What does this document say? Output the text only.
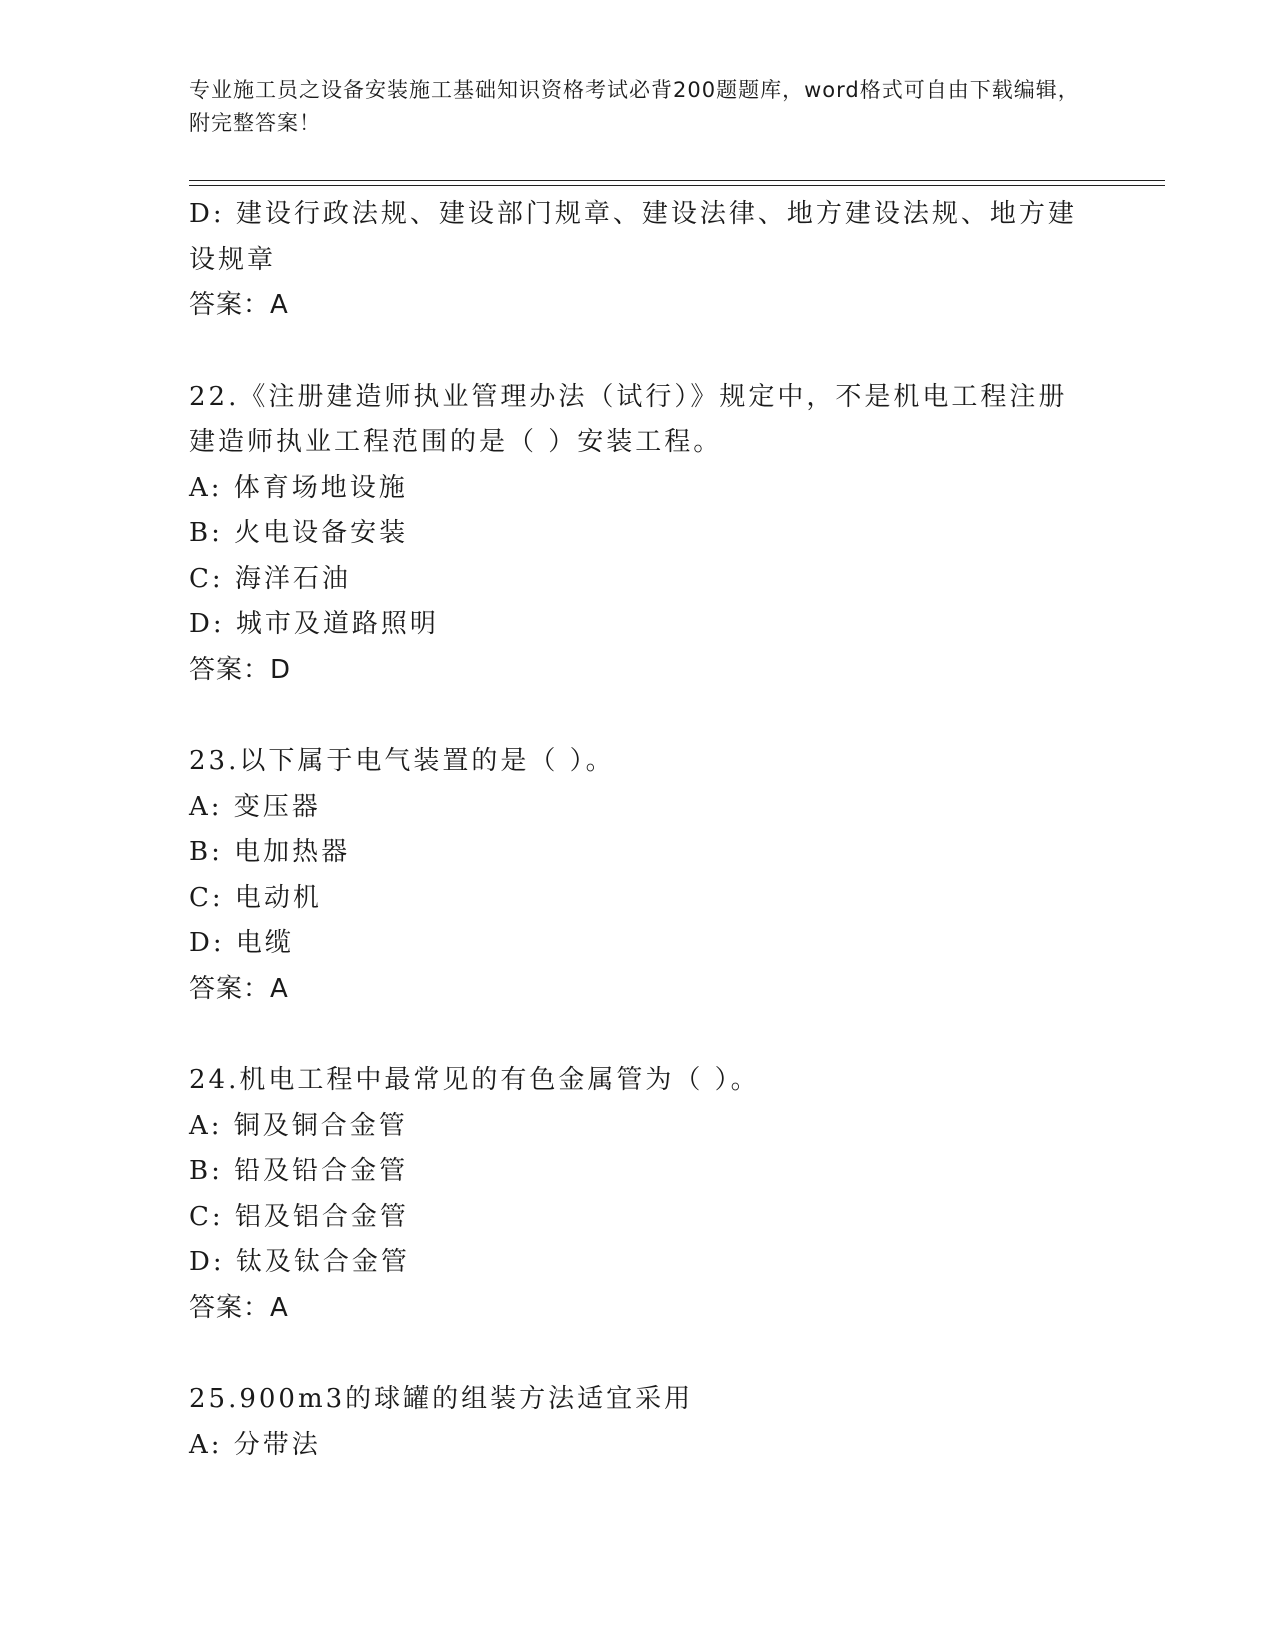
专业施工员之设备安装施工基础知识资格考试必背200题题库，word格式可自由下载编辑，附完整答案！
D: 建设行政法规、建设部门规章、建设法律、地方建设法规、地方建设规章
答案：A
22.《注册建造师执业管理办法（试行）》规定中，不是机电工程注册建造师执业工程范围的是（ ）安装工程。
A: 体育场地设施
B: 火电设备安装
C: 海洋石油
D: 城市及道路照明
答案：D
23.以下属于电气装置的是（ ）。
A: 变压器
B: 电加热器
C: 电动机
D: 电缆
答案：A
24.机电工程中最常见的有色金属管为（ ）。
A: 铜及铜合金管
B: 铅及铅合金管
C: 铝及铝合金管
D: 钛及钛合金管
答案：A
25.900m3的球罐的组装方法适宜采用
A: 分带法
